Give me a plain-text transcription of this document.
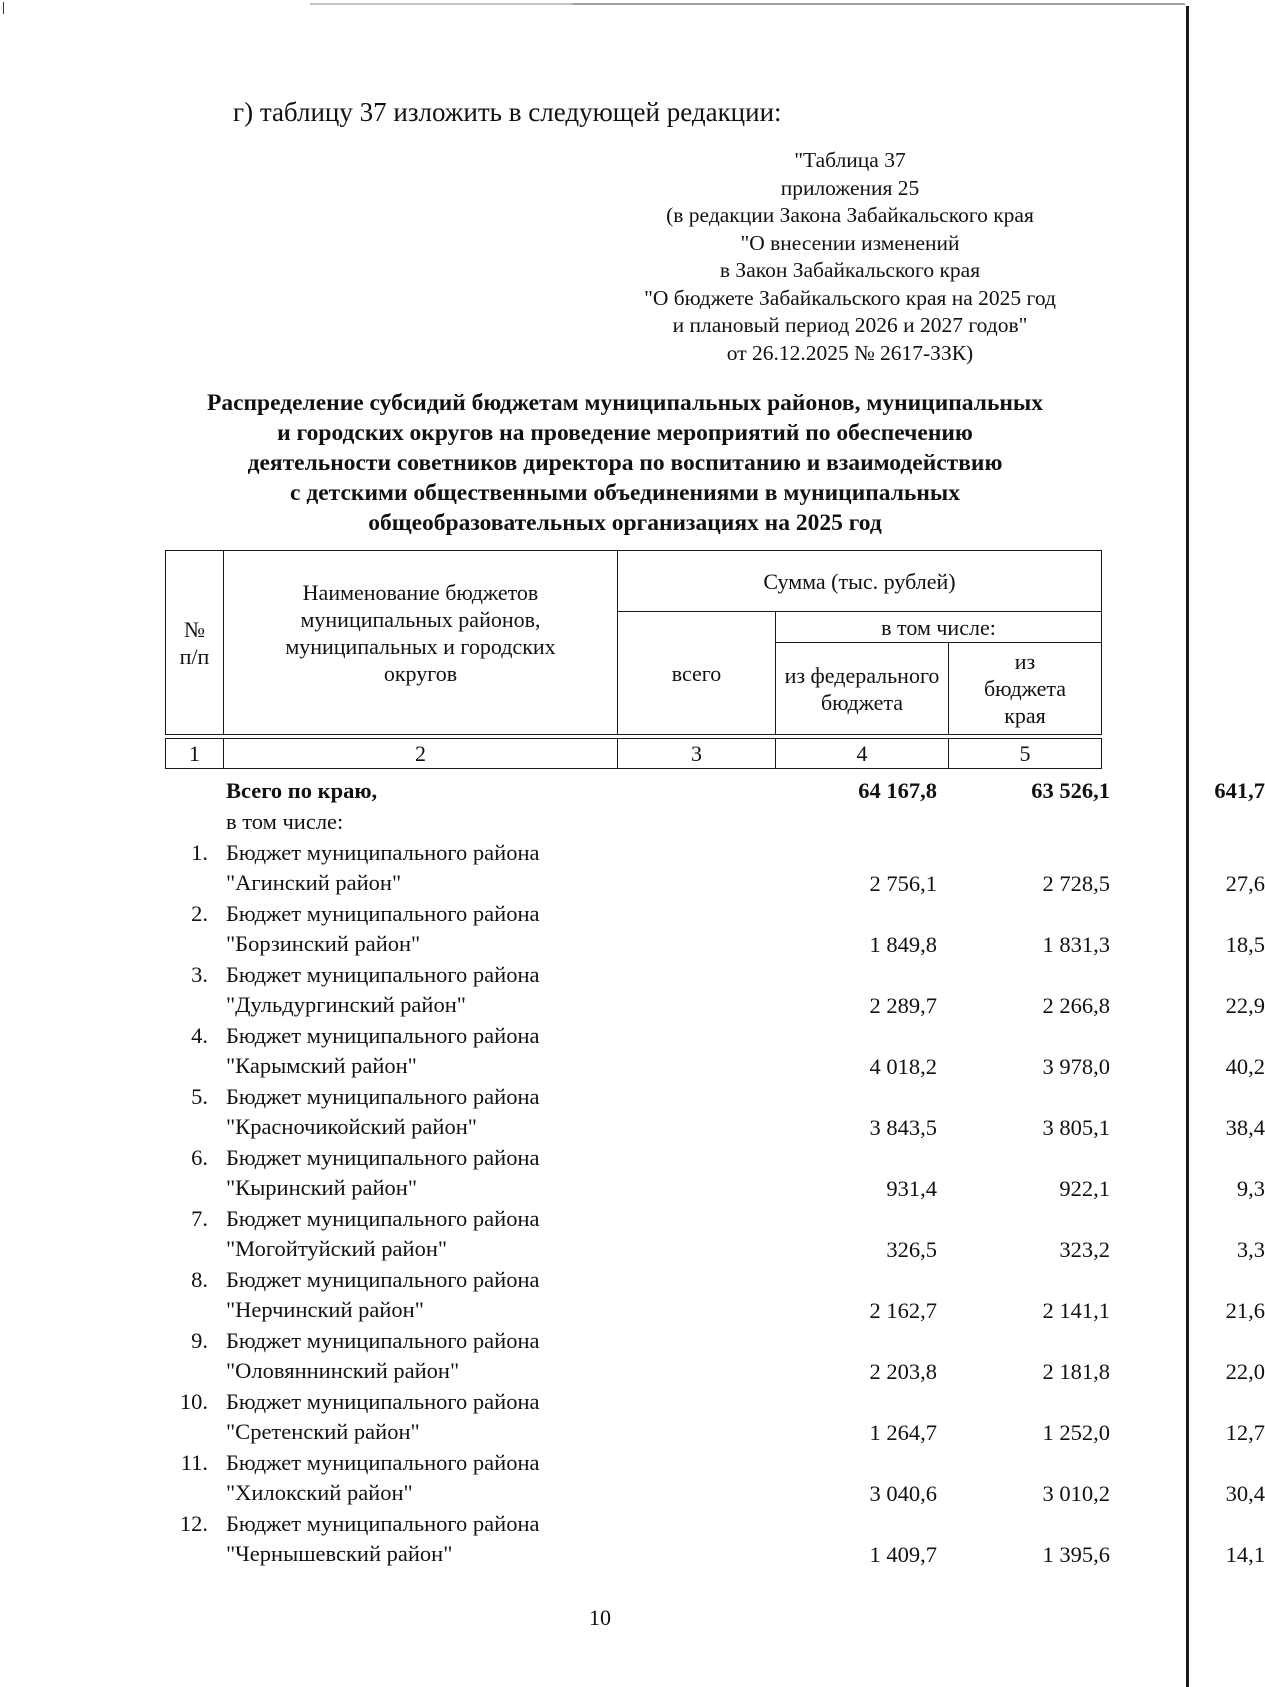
г) таблицу 37 изложить в следующей редакции:
"Таблица 37
приложения 25
(в редакции Закона Забайкальского края
"О внесении изменений
в Закон Забайкальского края
"О бюджете Забайкальского края на 2025 год
и плановый период 2026 и 2027 годов"
от 26.12.2025 № 2617-ЗЗК)
Распределение субсидий бюджетам муниципальных районов, муниципальных
и городских округов на проведение мероприятий по обеспечению
деятельности советников директора по воспитанию и взаимодействию
с детскими общественными объединениями в муниципальных
общеобразовательных организациях на 2025 год
№ п/п	Наименование бюджетов муниципальных районов, муниципальных и городских округов	Сумма (тыс. рублей)		
		всего	в том числе:	
			из федерального бюджета	из бюджета края
1	2	3	4	5
Всего по краю,	64 167,8	63 526,1	641,7
в том числе:
1. Бюджет муниципального района
"Агинский район"	2 756,1	2 728,5	27,6
2. Бюджет муниципального района
"Борзинский район"	1 849,8	1 831,3	18,5
3. Бюджет муниципального района
"Дульдургинский район"	2 289,7	2 266,8	22,9
4. Бюджет муниципального района
"Карымский район"	4 018,2	3 978,0	40,2
5. Бюджет муниципального района
"Красночикойский район"	3 843,5	3 805,1	38,4
6. Бюджет муниципального района
"Кыринский район"	931,4	922,1	9,3
7. Бюджет муниципального района
"Могойтуйский район"	326,5	323,2	3,3
8. Бюджет муниципального района
"Нерчинский район"	2 162,7	2 141,1	21,6
9. Бюджет муниципального района
"Оловяннинский район"	2 203,8	2 181,8	22,0
10. Бюджет муниципального района
"Сретенский район"	1 264,7	1 252,0	12,7
11. Бюджет муниципального района
"Хилокский район"	3 040,6	3 010,2	30,4
12. Бюджет муниципального района
"Чернышевский район"	1 409,7	1 395,6	14,1
10
